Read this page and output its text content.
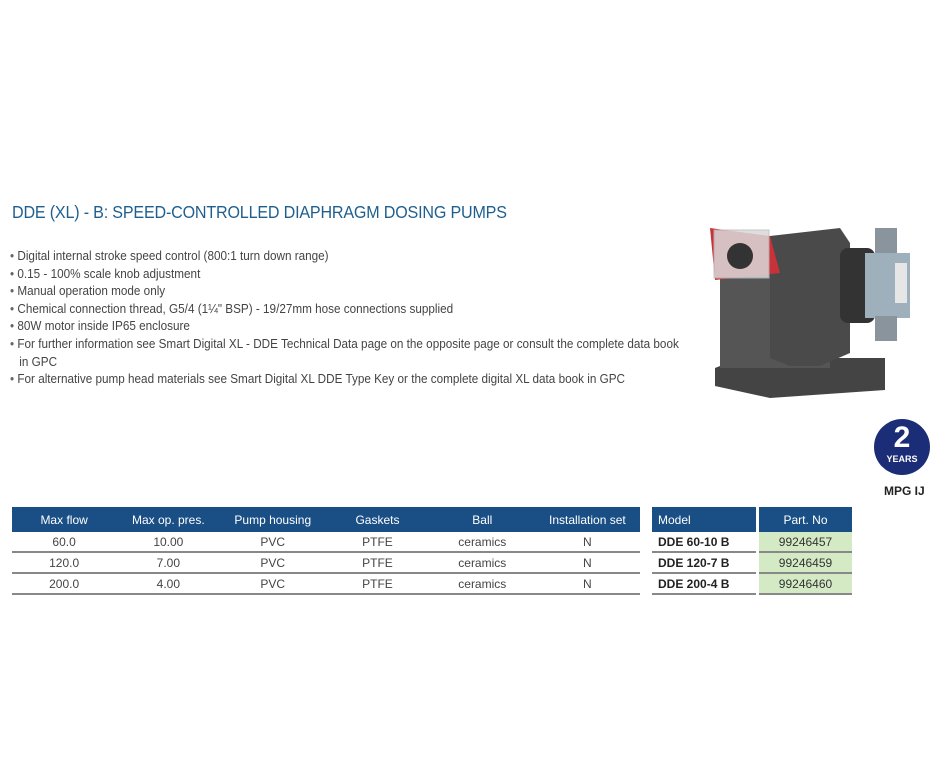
DDE (XL) - B: SPEED-CONTROLLED DIAPHRAGM DOSING PUMPS
• Digital internal stroke speed control (800:1 turn down range)
• 0.15 - 100% scale knob adjustment
• Manual operation mode only
• Chemical connection thread, G5/4 (1¼" BSP) - 19/27mm hose connections supplied
• 80W motor inside IP65 enclosure
• For further information see Smart Digital XL - DDE Technical Data page on the opposite page or consult the complete data book in GPC
• For alternative pump head materials see Smart Digital XL DDE Type Key or the complete digital XL data book in GPC
2
YEARS
MPG IJ
Max flow	Max op. pres.	Pump housing	Gaskets	Ball	Installation set
60.0	10.00	PVC	PTFE	ceramics	N
120.0	7.00	PVC	PTFE	ceramics	N
200.0	4.00	PVC	PTFE	ceramics	N
Model	Part. No
DDE 60-10 B	99246457
DDE 120-7 B	99246459
DDE 200-4 B	99246460
